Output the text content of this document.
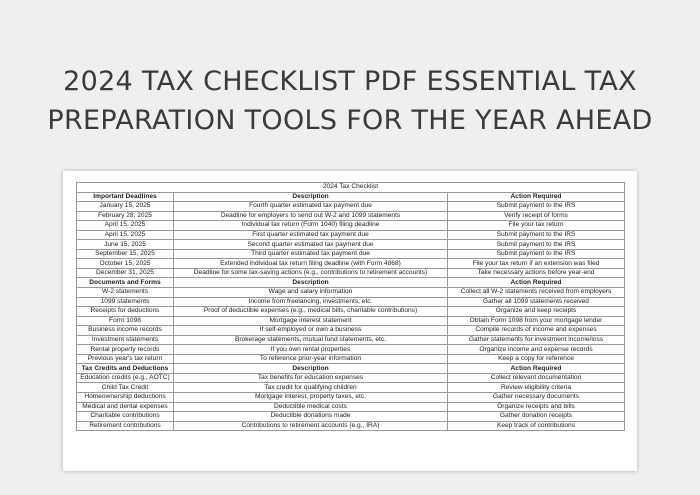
2024 TAX CHECKLIST PDF ESSENTIAL TAX
PREPARATION TOOLS FOR THE YEAR AHEAD
2024 Tax Checklist		
Important Deadlines	Description	Action Required
January 15, 2025	Fourth quarter estimated tax payment due	Submit payment to the IRS
February 28, 2025	Deadline for employers to send out W-2 and 1099 statements	Verify receipt of forms
April 15, 2025	Individual tax return (Form 1040) filing deadline	File your tax return
April 15, 2025	First quarter estimated tax payment due	Submit payment to the IRS
June 15, 2025	Second quarter estimated tax payment due	Submit payment to the IRS
September 15, 2025	Third quarter estimated tax payment due	Submit payment to the IRS
October 15, 2025	Extended individual tax return filing deadline (with Form 4868)	File your tax return if an extension was filed
December 31, 2025	Deadline for some tax-saving actions (e.g., contributions to retirement accounts)	Take necessary actions before year-end
Documents and Forms	Description	Action Required
W-2 statements	Wage and salary information	Collect all W-2 statements received from employers
1099 statements	Income from freelancing, investments, etc.	Gather all 1099 statements received
Receipts for deductions	Proof of deductible expenses (e.g., medical bills, charitable contributions)	Organize and keep receipts
Form 1098	Mortgage interest statement	Obtain Form 1098 from your mortgage lender
Business income records	If self-employed or own a business	Compile records of income and expenses
Investment statements	Brokerage statements, mutual fund statements, etc.	Gather statements for investment income/loss
Rental property records	If you own rental properties	Organize income and expense records
Previous year's tax return	To reference prior-year information	Keep a copy for reference
Tax Credits and Deductions	Description	Action Required
Education credits (e.g., AOTC)	Tax benefits for education expenses	Collect relevant documentation
Child Tax Credit	Tax credit for qualifying children	Review eligibility criteria
Homeownership deductions	Mortgage interest, property taxes, etc.	Gather necessary documents
Medical and dental expenses	Deductible medical costs	Organize receipts and bills
Charitable contributions	Deductible donations made	Gather donation receipts
Retirement contributions	Contributions to retirement accounts (e.g., IRA)	Keep track of contributions
